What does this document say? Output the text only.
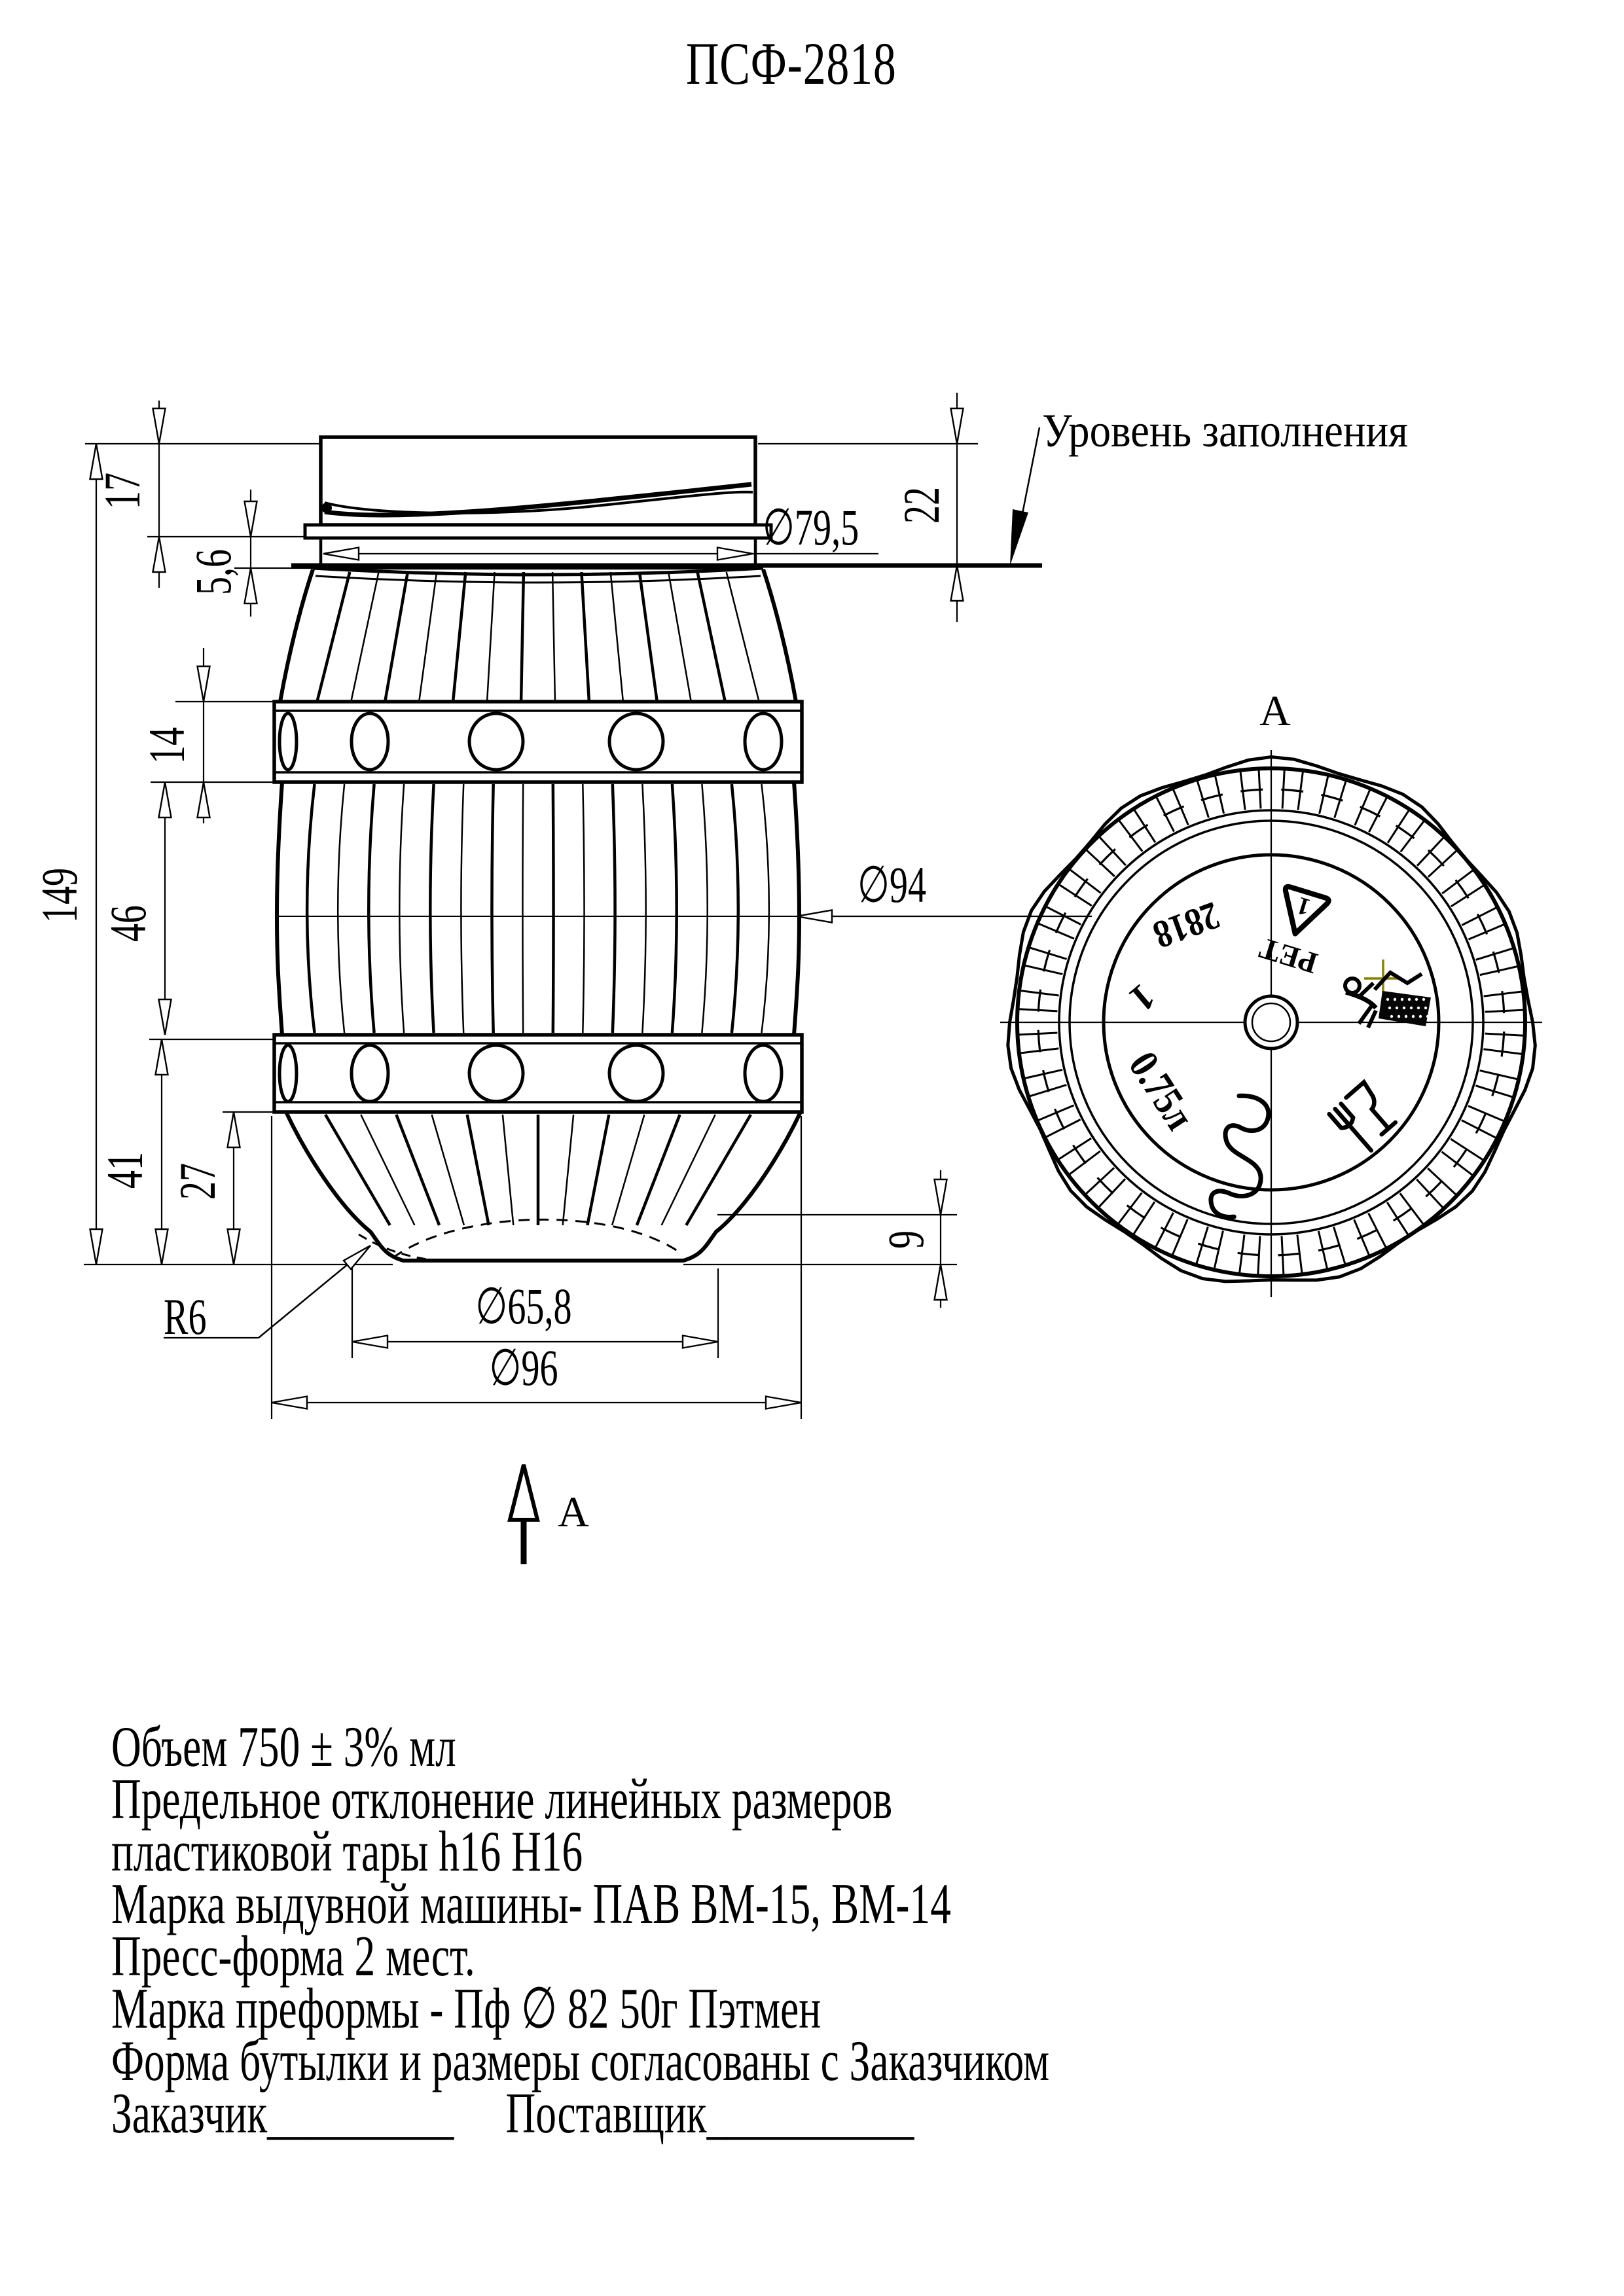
ПСФ-2818
149
17
5,6
22
14
46
41 27
9
∅79,5
∅94
∅65,8
∅96
R6
Уровень заполнения
A
PET
1
2818
1
0.75л
A
Объем 750 ± 3% мл
Предельное отклонение линейных размеров
пластиковой тары h16 H16
Марка выдувной машины- ПАВ ВМ-15, ВМ-14
Пресс-форма 2 мест.
Марка преформы - Пф ∅ 82 50г Пэтмен
Форма бутылки и размеры согласованы с Заказчиком
Заказчик_________     Поставщик__________
